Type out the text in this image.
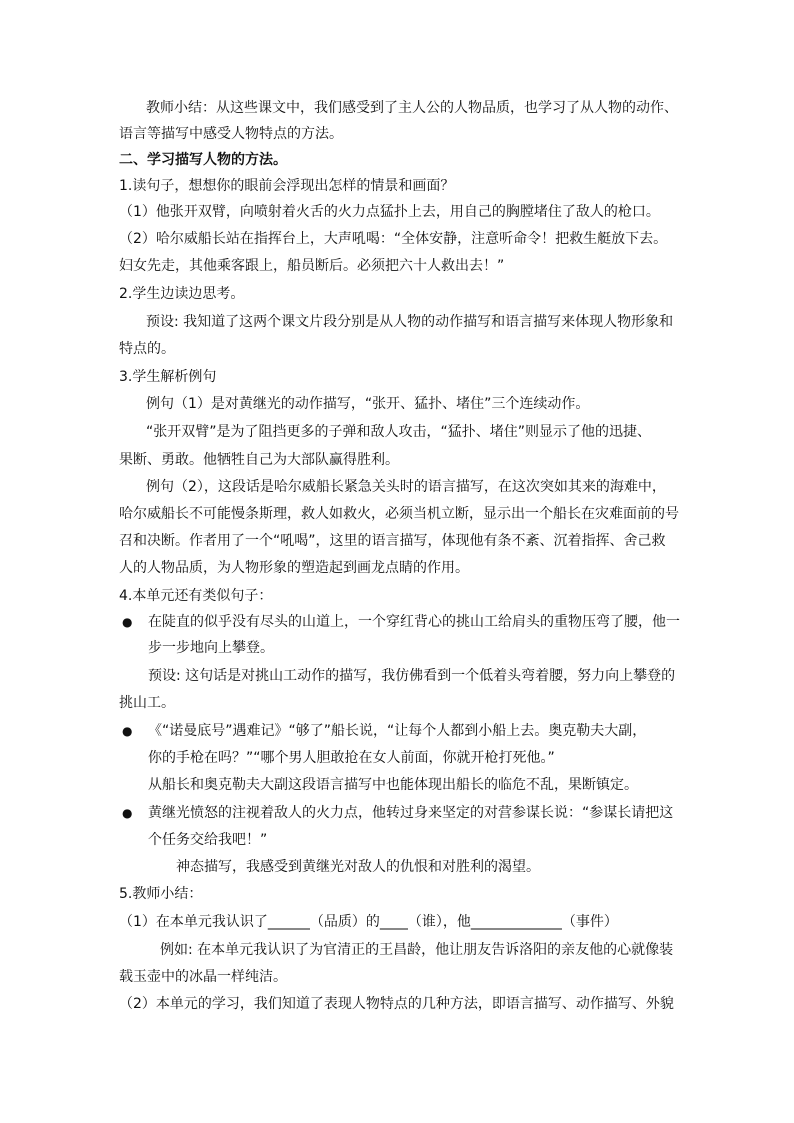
教师小结：从这些课文中，我们感受到了主人公的人物品质，也学习了从人物的动作、
语言等描写中感受人物特点的方法。
二、学习描写人物的方法。
1.读句子，想想你的眼前会浮现出怎样的情景和画面？
（1）他张开双臂，向喷射着火舌的火力点猛扑上去，用自己的胸膛堵住了敌人的枪口。
（2）哈尔威船长站在指挥台上，大声吼喝：“全体安静，注意听命令！把救生艇放下去。
妇女先走，其他乘客跟上，船员断后。必须把六十人救出去！”
2.学生边读边思考。
预设: 我知道了这两个课文片段分别是从人物的动作描写和语言描写来体现人物形象和
特点的。
3.学生解析例句
例句（1）是对黄继光的动作描写，“张开、猛扑、堵住”三个连续动作。
“张开双臂”是为了阻挡更多的子弹和敌人攻击，“猛扑、堵住”则显示了他的迅捷、
果断、勇敢。他牺牲自己为大部队赢得胜利。
例句（2），这段话是哈尔威船长紧急关头时的语言描写，在这次突如其来的海难中，
哈尔威船长不可能慢条斯理，救人如救火，必须当机立断，显示出一个船长在灾难面前的号
召和决断。作者用了一个“吼喝”，这里的语言描写，体现他有条不紊、沉着指挥、舍己救
人的人物品质，为人物形象的塑造起到画龙点睛的作用。
4.本单元还有类似句子：
● 在陡直的似乎没有尽头的山道上，一个穿红背心的挑山工给肩头的重物压弯了腰，他一
步一步地向上攀登。
预设: 这句话是对挑山工动作的描写，我仿佛看到一个低着头弯着腰，努力向上攀登的
挑山工。
● 《“诺曼底号”遇难记》“够了”船长说，“让每个人都到小船上去。奥克勒夫大副，
你的手枪在吗？”“哪个男人胆敢抢在女人前面，你就开枪打死他。”
从船长和奥克勒夫大副这段语言描写中也能体现出船长的临危不乱，果断镇定。
● 黄继光愤怒的注视着敌人的火力点，他转过身来坚定的对营参谋长说：“参谋长请把这
个任务交给我吧！”
神态描写，我感受到黄继光对敌人的仇恨和对胜利的渴望。
5.教师小结：
（1）在本单元我认识了______（品质）的____（谁），他_____________（事件）
例如: 在本单元我认识了为官清正的王昌龄，他让朋友告诉洛阳的亲友他的心就像装
载玉壶中的冰晶一样纯洁。
（2）本单元的学习，我们知道了表现人物特点的几种方法，即语言描写、动作描写、外貌
